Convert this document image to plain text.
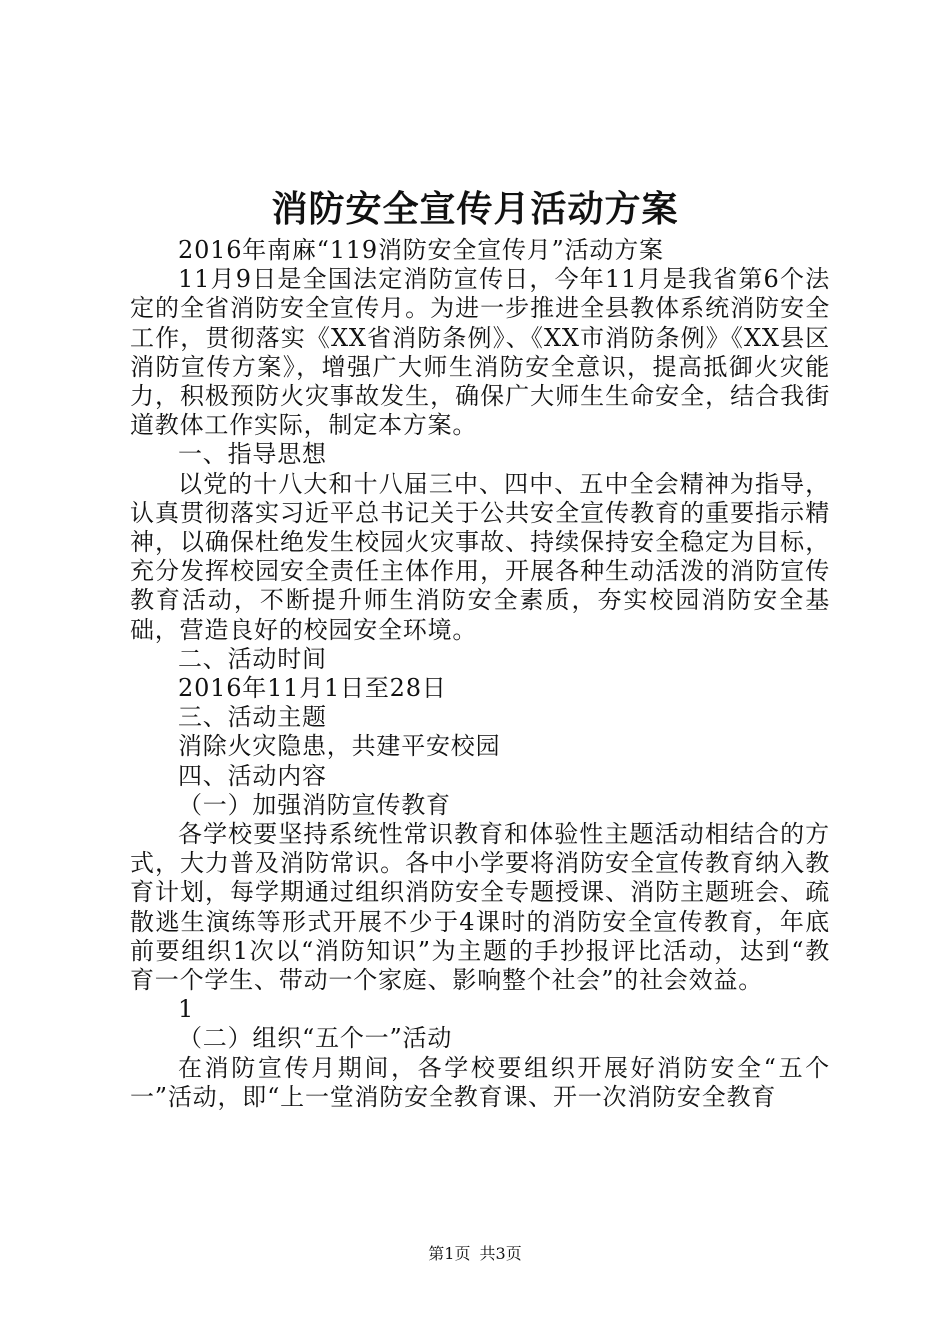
消防安全宣传月活动方案

2016年南麻“119消防安全宣传月”活动方案

11月9日是全国法定消防宣传日，今年11月是我省第6个法定的全省消防安全宣传月。为进一步推进全县教体系统消防安全工作，贯彻落实《XX省消防条例》、《XX市消防条例》《XX县区消防宣传方案》，增强广大师生消防安全意识，提高抵御火灾能力，积极预防火灾事故发生，确保广大师生生命安全，结合我街道教体工作实际，制定本方案。

一、指导思想

以党的十八大和十八届三中、四中、五中全会精神为指导，认真贯彻落实习近平总书记关于公共安全宣传教育的重要指示精神，以确保杜绝发生校园火灾事故、持续保持安全稳定为目标，充分发挥校园安全责任主体作用，开展各种生动活泼的消防宣传教育活动，不断提升师生消防安全素质，夯实校园消防安全基础，营造良好的校园安全环境。

二、活动时间

2016年11月1日至28日

三、活动主题

消除火灾隐患，共建平安校园

四、活动内容

（一）加强消防宣传教育

各学校要坚持系统性常识教育和体验性主题活动相结合的方式，大力普及消防常识。各中小学要将消防安全宣传教育纳入教育计划，每学期通过组织消防安全专题授课、消防主题班会、疏散逃生演练等形式开展不少于4课时的消防安全宣传教育，年底前要组织1次以“消防知识”为主题的手抄报评比活动，达到“教育一个学生、带动一个家庭、影响整个社会”的社会效益。

1

（二）组织“五个一”活动

在消防宣传月期间，各学校要组织开展好消防安全“五个一”活动，即“上一堂消防安全教育课、开一次消防安全教育

第1页 共3页
